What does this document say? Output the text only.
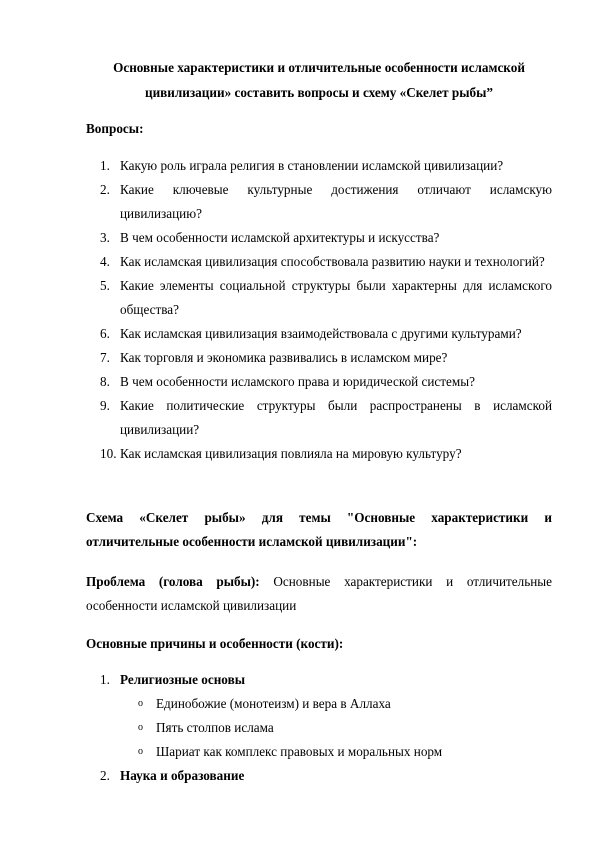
Основные характеристики и отличительные особенности исламской цивилизации» составить вопросы и схему «Скелет рыбы”
Вопросы:
1. Какую роль играла религия в становлении исламской цивилизации?
2. Какие ключевые культурные достижения отличают исламскую цивилизацию?
3. В чем особенности исламской архитектуры и искусства?
4. Как исламская цивилизация способствовала развитию науки и технологий?
5. Какие элементы социальной структуры были характерны для исламского общества?
6. Как исламская цивилизация взаимодействовала с другими культурами?
7. Как торговля и экономика развивались в исламском мире?
8. В чем особенности исламского права и юридической системы?
9. Какие политические структуры были распространены в исламской цивилизации?
10. Как исламская цивилизация повлияла на мировую культуру?
Схема «Скелет рыбы» для темы "Основные характеристики и отличительные особенности исламской цивилизации":
Проблема (голова рыбы): Основные характеристики и отличительные особенности исламской цивилизации
Основные причины и особенности (кости):
1. Религиозные основы
o Единобожие (монотеизм) и вера в Аллаха
o Пять столпов ислама
o Шариат как комплекс правовых и моральных норм
2. Наука и образование
